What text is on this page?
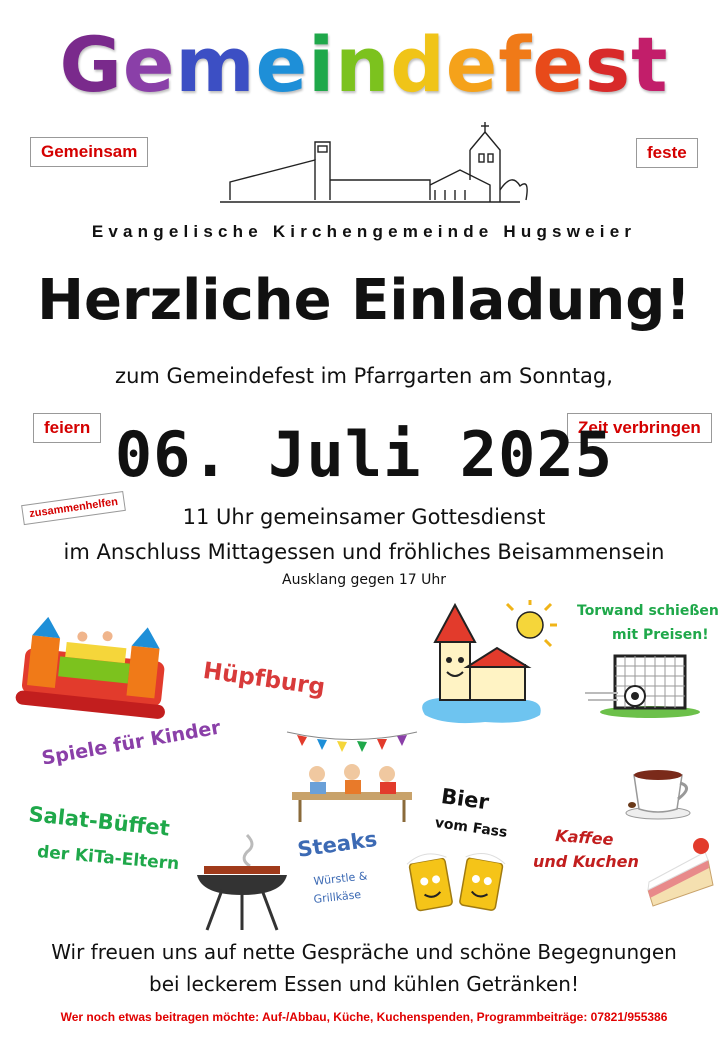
Gemeindefest
Gemeinsam	feste
feiern	Zeit verbringen
zusammenhelfen
Evangelische Kirchengemeinde Hugsweier
Herzliche Einladung!
zum Gemeindefest im Pfarrgarten am Sonntag,
06. Juli 2025
11 Uhr gemeinsamer Gottesdienst
im Anschluss Mittagessen und fröhliches Beisammensein
Ausklang gegen 17 Uhr
Hüpfburg
Spiele für Kinder
Torwand schießen
mit Preisen!
Bier
vom Fass	Kaffee
und Kuchen
Salat-Büffet
der KiTa-Eltern	Steaks
Würstle &
Grillkäse
Wir freuen uns auf nette Gespräche und schöne Begegnungen
bei leckerem Essen und kühlen Getränken!
Wer noch etwas beitragen möchte: Auf-/Abbau, Küche, Kuchenspenden, Programmbeiträge: 07821/955386
